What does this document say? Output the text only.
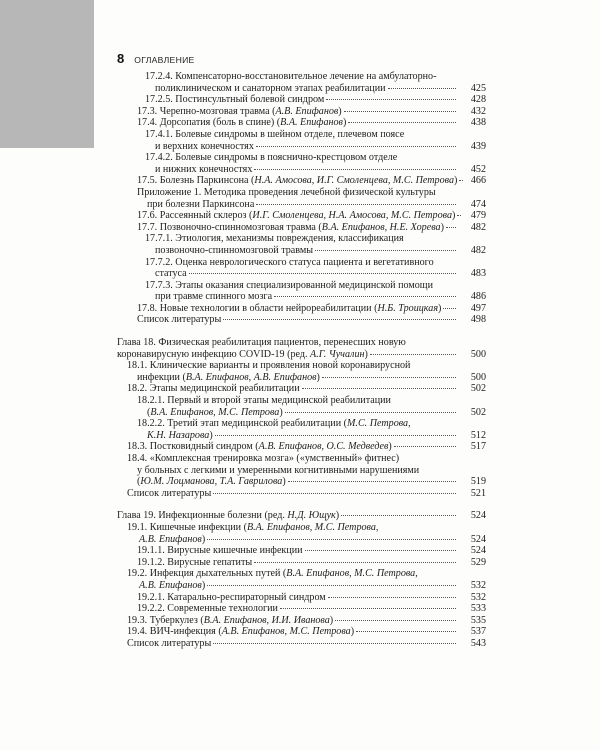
8 ОГЛАВЛЕНИЕ
17.2.4. Компенсаторно-восстановительное лечение на амбулаторно-
поликлиническом и санаторном этапах реабилитации	425
17.2.5. Постинсультный болевой синдром	428
17.3. Черепно-мозговая травма (А.В. Епифанов)	432
17.4. Дорсопатия (боль в спине) (В.А. Епифанов)	438
17.4.1. Болевые синдромы в шейном отделе, плечевом поясе
и верхних конечностях	439
17.4.2. Болевые синдромы в пояснично-крестцовом отделе
и нижних конечностях	452
17.5. Болезнь Паркинсона (Н.А. Амосова, И.Г. Смоленцева, М.С. Петрова)	466
Приложение 1. Методика проведения лечебной физической культуры
при болезни Паркинсона	474
17.6. Рассеянный склероз (И.Г. Смоленцева, Н.А. Амосова, М.С. Петрова)	479
17.7. Позвоночно-спинномозговая травма (В.А. Епифанов, Н.Е. Хорева)	482
17.7.1. Этиология, механизмы повреждения, классификация
позвоночно-спинномозговой травмы	482
17.7.2. Оценка неврологического статуса пациента и вегетативного
статуса	483
17.7.3. Этапы оказания специализированной медицинской помощи
при травме спинного мозга	486
17.8. Новые технологии в области нейрореабилитации (Н.Б. Троицкая)	497
Список литературы	498
Глава 18. Физическая реабилитация пациентов, перенесших новую
коронавирусную инфекцию COVID-19 (ред. А.Г. Чучалин)	500
18.1. Клинические варианты и проявления новой коронавирусной
инфекции (В.А. Епифанов, А.В. Епифанов)	500
18.2. Этапы медицинской реабилитации	502
18.2.1. Первый и второй этапы медицинской реабилитации
(В.А. Епифанов, М.С. Петрова)	502
18.2.2. Третий этап медицинской реабилитации (М.С. Петрова,
К.Н. Назарова)	512
18.3. Постковидный синдром (А.В. Епифанов, О.С. Медведев)	517
18.4. «Комплексная тренировка мозга» («умственный» фитнес)
у больных с легкими и умеренными когнитивными нарушениями
(Ю.М. Лоцманова, Т.А. Гаврилова)	519
Список литературы	521
Глава 19. Инфекционные болезни (ред. Н.Д. Ющук)	524
19.1. Кишечные инфекции (В.А. Епифанов, М.С. Петрова,
А.В. Епифанов)	524
19.1.1. Вирусные кишечные инфекции	524
19.1.2. Вирусные гепатиты	529
19.2. Инфекция дыхательных путей (В.А. Епифанов, М.С. Петрова,
А.В. Епифанов)	532
19.2.1. Катарально-респираторный синдром	532
19.2.2. Современные технологии	533
19.3. Туберкулез (В.А. Епифанов, И.И. Иванова)	535
19.4. ВИЧ-инфекция (А.В. Епифанов, М.С. Петрова)	537
Список литературы	543
